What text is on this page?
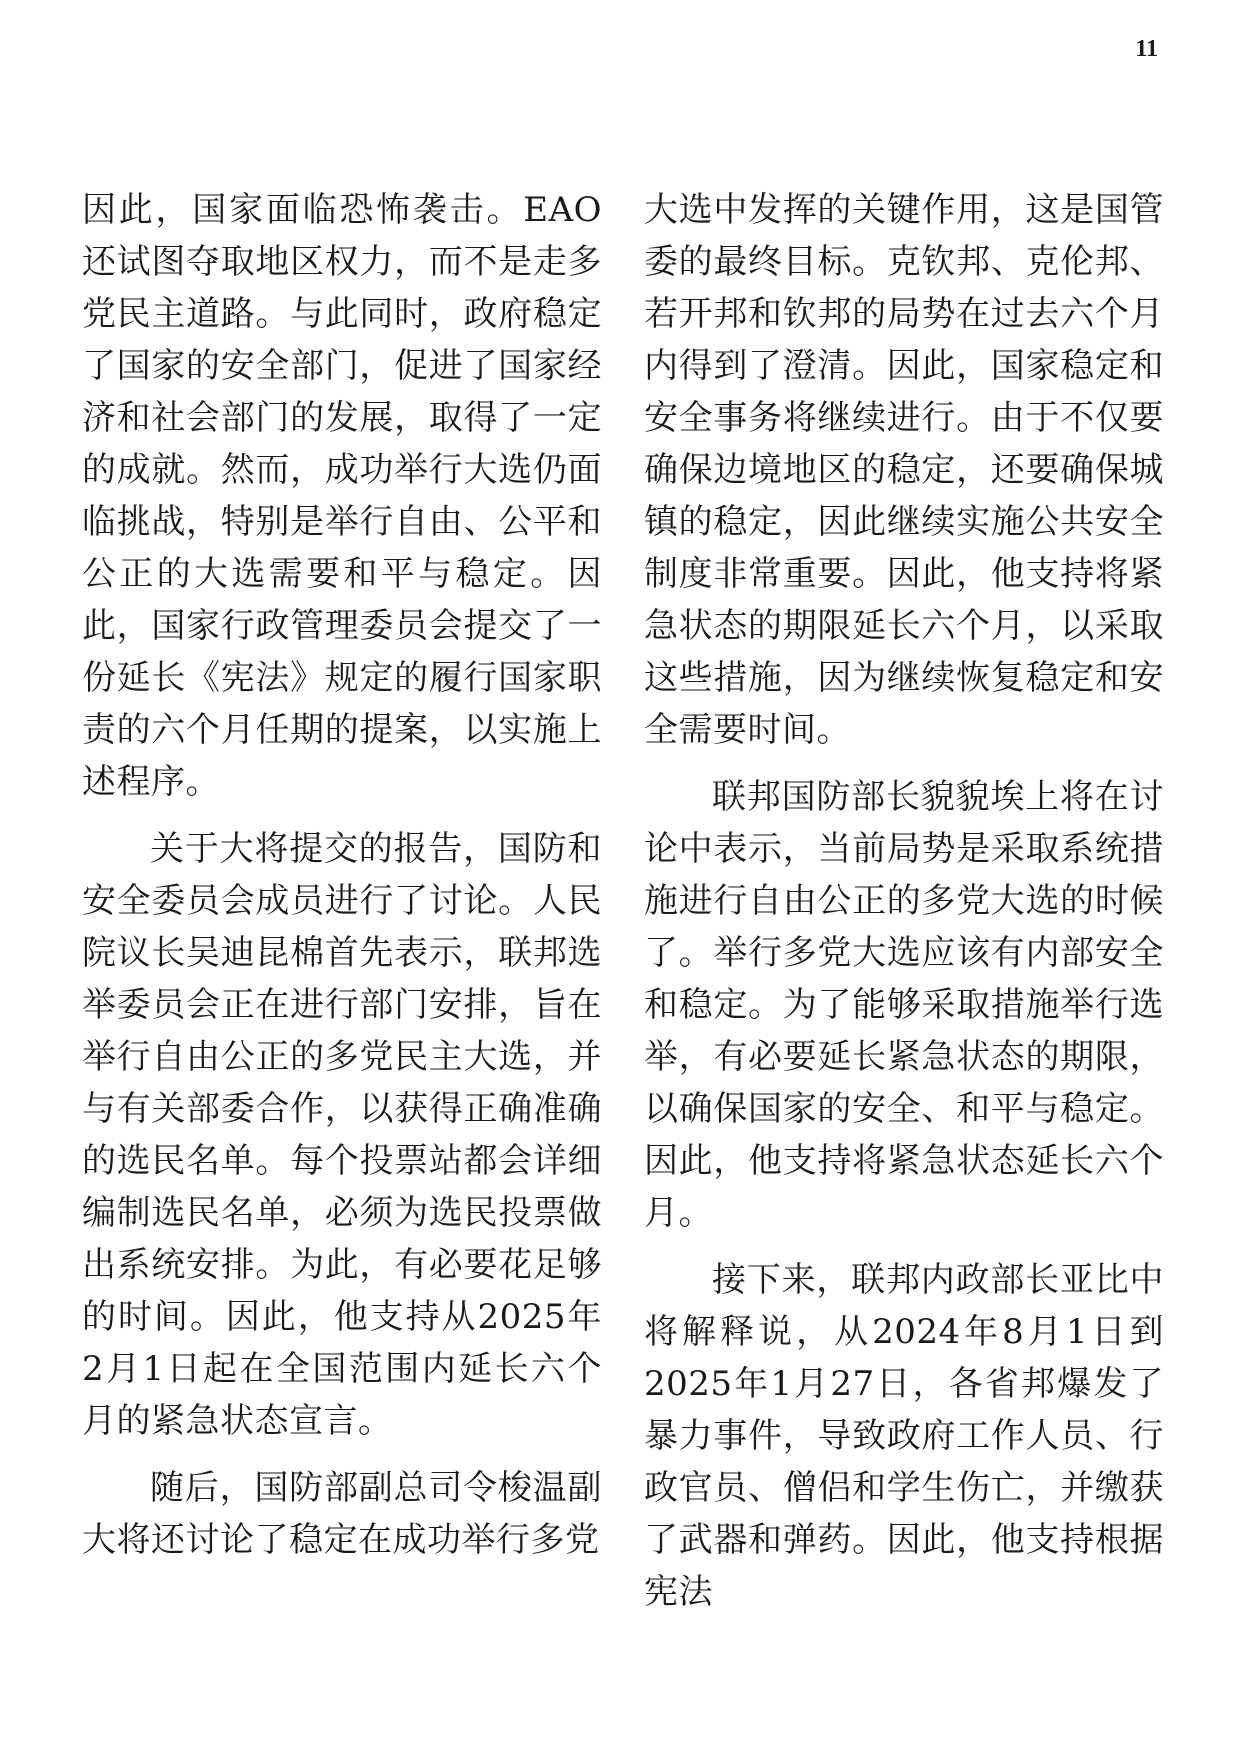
11

因此，国家面临恐怖袭击。EAO还试图夺取地区权力，而不是走多党民主道路。与此同时，政府稳定了国家的安全部门，促进了国家经济和社会部门的发展，取得了一定的成就。然而，成功举行大选仍面临挑战，特别是举行自由、公平和公正的大选需要和平与稳定。因此，国家行政管理委员会提交了一份延长《宪法》规定的履行国家职责的六个月任期的提案，以实施上述程序。

关于大将提交的报告，国防和安全委员会成员进行了讨论。人民院议长吴迪昆棉首先表示，联邦选举委员会正在进行部门安排，旨在举行自由公正的多党民主大选，并与有关部委合作，以获得正确准确的选民名单。每个投票站都会详细编制选民名单，必须为选民投票做出系统安排。为此，有必要花足够的时间。因此，他支持从2025年2月1日起在全国范围内延长六个月的紧急状态宣言。

随后，国防部副总司令梭温副大将还讨论了稳定在成功举行多党

大选中发挥的关键作用，这是国管委的最终目标。克钦邦、克伦邦、若开邦和钦邦的局势在过去六个月内得到了澄清。因此，国家稳定和安全事务将继续进行。由于不仅要确保边境地区的稳定，还要确保城镇的稳定，因此继续实施公共安全制度非常重要。因此，他支持将紧急状态的期限延长六个月，以采取这些措施，因为继续恢复稳定和安全需要时间。

联邦国防部长貌貌埃上将在讨论中表示，当前局势是采取系统措施进行自由公正的多党大选的时候了。举行多党大选应该有内部安全和稳定。为了能够采取措施举行选举，有必要延长紧急状态的期限，以确保国家的安全、和平与稳定。因此，他支持将紧急状态延长六个月。

接下来，联邦内政部长亚比中将解释说，从2024年8月1日到2025年1月27日，各省邦爆发了暴力事件，导致政府工作人员、行政官员、僧侣和学生伤亡，并缴获了武器和弹药。因此，他支持根据宪法
